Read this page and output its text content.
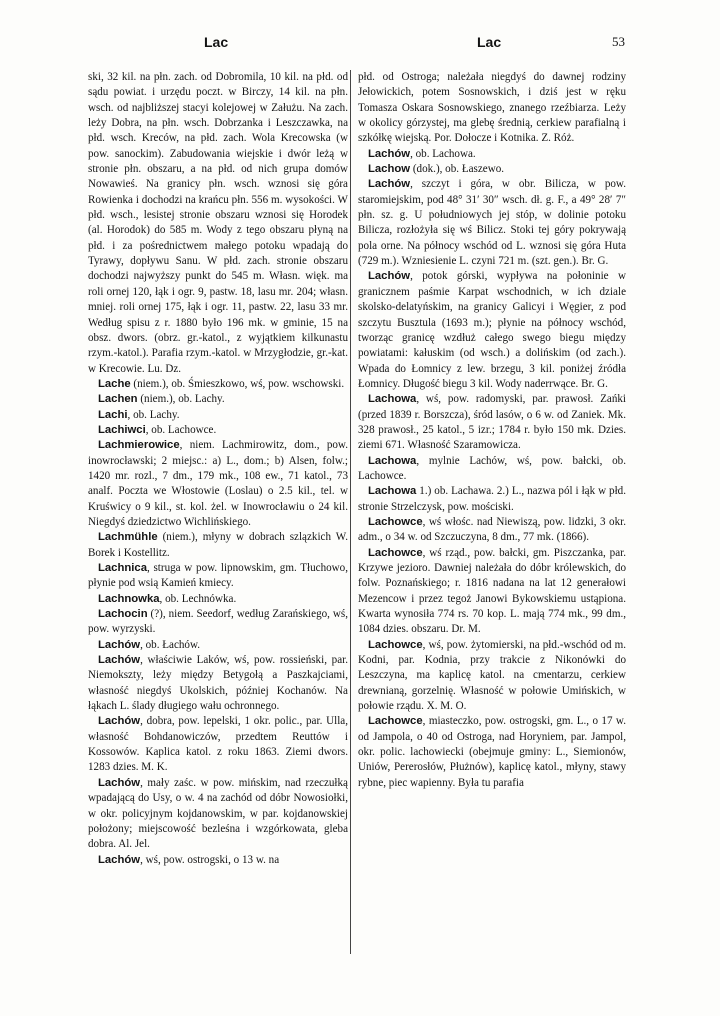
Lac	Lac	53

ski, 32 kil. na płn. zach. od Dobromila, 10 kil. na płd. od sądu powiat. i urzędu poczt. w Birczy, 14 kil. na płn. wsch. od najbliższej stacyi kolejowej w Załużu. Na zach. leży Dobra, na płn. wsch. Dobrzanka i Leszczawka, na płd. wsch. Kreców, na płd. zach. Wola Krecowska (w pow. sanockim). Zabudowania wiejskie i dwór leżą w stronie płn. obszaru, a na płd. od nich grupa domów Nowawieś. Na granicy płn. wsch. wznosi się góra Rowienka i dochodzi na krańcu płn. 556 m. wysokości. W płd. wsch., lesistej stronie obszaru wznosi się Horodek (al. Horodok) do 585 m. Wody z tego obszaru płyną na płd. i za pośrednictwem małego potoku wpadają do Tyrawy, dopływu Sanu. W płd. zach. stronie obszaru dochodzi najwyższy punkt do 545 m. Własn. więk. ma roli ornej 120, łąk i ogr. 9, pastw. 18, lasu mr. 204; własn. mniej. roli ornej 175, łąk i ogr. 11, pastw. 22, lasu 33 mr. Według spisu z r. 1880 było 196 mk. w gminie, 15 na obsz. dwors. (obrz. gr.-katol., z wyjątkiem kilkunastu rzym.-katol.). Parafia rzym.-katol. w Mrzygłodzie, gr.-kat. w Krecowie. Lu. Dz.

Lache (niem.), ob. Śmieszkowo, wś, pow. wschowski.

Lachen (niem.), ob. Lachy.

Lachi, ob. Lachy.

Lachiwci, ob. Lachowce.

Lachmierowice, niem. Lachmirowitz, dom., pow. inowrocławski; 2 miejsc.: a) L., dom.; b) Alsen, folw.; 1420 mr. rozl., 7 dm., 179 mk., 108 ew., 71 katol., 73 analf. Poczta we Włostowie (Loslau) o 2.5 kil., tel. w Kruświcy o 9 kil., st. kol. żel. w Inowrocławiu o 24 kil. Niegdyś dziedzictwo Wichlińskiego.

Lachmühle (niem.), młyny w dobrach szlązkich W. Borek i Kostellitz.

Lachnica, struga w pow. lipnowskim, gm. Tłuchowo, płynie pod wsią Kamień kmiecy.

Lachnowka, ob. Lechnówka.

Lachocin (?), niem. Seedorf, według Zarańskiego, wś, pow. wyrzyski.

Lachów, ob. Łachów.

Lachów, właściwie Laków, wś, pow. rossieński, par. Niemokszty, leży między Betygołą a Paszkajciami, własność niegdyś Ukolskich, później Kochanów. Na łąkach L. ślady długiego wału ochronnego.

Lachów, dobra, pow. lepelski, 1 okr. polic., par. Ulla, własność Bohdanowiczów, przedtem Reuttów i Kossowów. Kaplica katol. z roku 1863. Ziemi dwors. 1283 dzies. M. K.

Lachów, mały zaśc. w pow. mińskim, nad rzeczułką wpadającą do Usy, o w. 4 na zachód od dóbr Nowosiołki, w okr. policyjnym kojdanowskim, w par. kojdanowskiej położony; miejscowość bezleśna i wzgórkowata, gleba dobra. Al. Jel.

Lachów, wś, pow. ostrogski, o 13 w. na

płd. od Ostroga; należała niegdyś do dawnej rodziny Jełowickich, potem Sosnowskich, i dziś jest w ręku Tomasza Oskara Sosnowskiego, znanego rzeźbiarza. Leży w okolicy górzystej, ma glebę średnią, cerkiew parafialną i szkółkę wiejską. Por. Dołocze i Kotnika. Z. Róż.

Lachów, ob. Lachowa.

Lachow (dok.), ob. Łaszewo.

Lachów, szczyt i góra, w obr. Bilicza, w pow. staromiejskim, pod 48° 31′ 30″ wsch. dł. g. F., a 49° 28′ 7″ płn. sz. g. U południowych jej stóp, w dolinie potoku Bilicza, rozłożyła się wś Bilicz. Stoki tej góry pokrywają pola orne. Na północy wschód od L. wznosi się góra Huta (729 m.). Wzniesienie L. czyni 721 m. (szt. gen.). Br. G.

Lachów, potok górski, wypływa na połoninie w granicznem paśmie Karpat wschodnich, w ich dziale skolsko-delatyńskim, na granicy Galicyi i Węgier, z pod szczytu Busztula (1693 m.); płynie na północy wschód, tworząc granicę wzdłuż całego swego biegu między powiatami: kałuskim (od wsch.) a dolińskim (od zach.). Wpada do Łomnicy z lew. brzegu, 3 kil. poniżej źródła Łomnicy. Długość biegu 3 kil. Wody naderrwące. Br. G.

Lachowa, wś, pow. radomyski, par. prawosł. Zańki (przed 1839 r. Borszcza), śród lasów, o 6 w. od Zaniek. Mk. 328 prawosł., 25 katol., 5 izr.; 1784 r. było 150 mk. Dzies. ziemi 671. Własność Szaramowicza.

Lachowa, mylnie Lachów, wś, pow. bałcki, ob. Lachowce.

Lachowa 1.) ob. Lachawa. 2.) L., nazwa pól i łąk w płd. stronie Strzelczysk, pow. mościski.

Lachowce, wś włośc. nad Niewiszą, pow. lidzki, 3 okr. adm., o 34 w. od Szczuczyna, 8 dm., 77 mk. (1866).

Lachowce, wś rząd., pow. bałcki, gm. Piszczanka, par. Krzywe jezioro. Dawniej należała do dóbr królewskich, do folw. Poznańskiego; r. 1816 nadana na lat 12 generałowi Mezencow i przez tegoż Janowi Bykowskiemu ustąpiona. Kwarta wynosiła 774 rs. 70 kop. L. mają 774 mk., 99 dm., 1084 dzies. obszaru. Dr. M.

Lachowce, wś, pow. żytomierski, na płd.-wschód od m. Kodni, par. Kodnia, przy trakcie z Nikonówki do Leszczyna, ma kaplicę katol. na cmentarzu, cerkiew drewnianą, gorzelnię. Własność w połowie Umińskich, w połowie rządu. X. M. O.

Lachowce, miasteczko, pow. ostrogski, gm. L., o 17 w. od Jampola, o 40 od Ostroga, nad Horyniem, par. Jampol, okr. polic. lachowiecki (obejmuje gminy: L., Siemionów, Uniów, Pererosłów, Płużnów), kaplicę katol., młyny, stawy rybne, piec wapienny. Była tu parafia
